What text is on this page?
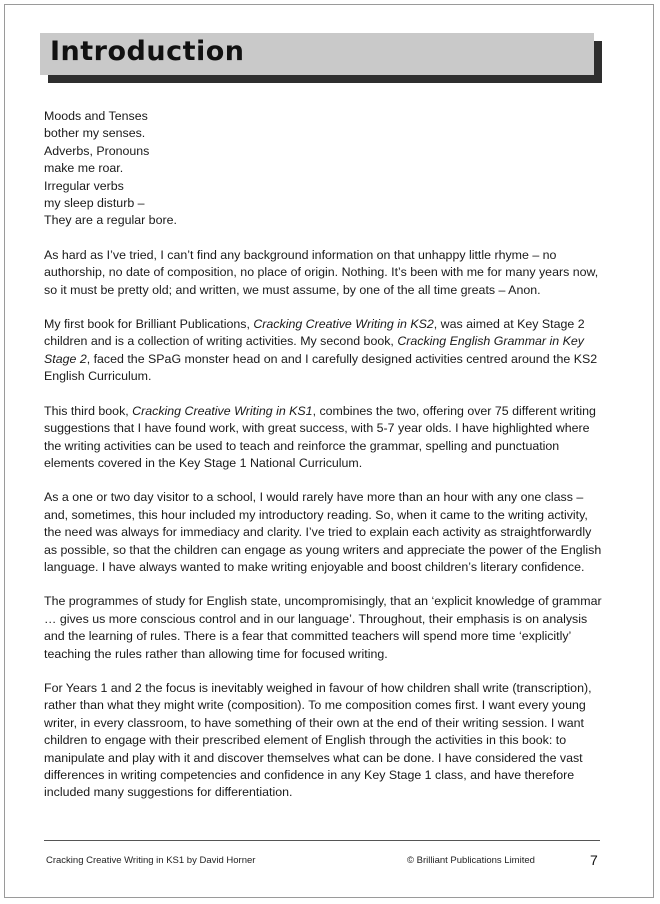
Introduction
Moods and Tenses
bother my senses.
Adverbs, Pronouns
make me roar.
Irregular verbs
my sleep disturb –
They are a regular bore.

As hard as I’ve tried, I can’t find any background information on that unhappy little rhyme – no authorship, no date of composition, no place of origin. Nothing. It’s been with me for many years now, so it must be pretty old; and written, we must assume, by one of the all time greats – Anon.

My first book for Brilliant Publications, Cracking Creative Writing in KS2, was aimed at Key Stage 2 children and is a collection of writing activities. My second book, Cracking English Grammar in Key Stage 2, faced the SPaG monster head on and I carefully designed activities centred around the KS2 English Curriculum.

This third book, Cracking Creative Writing in KS1, combines the two, offering over 75 different writing suggestions that I have found work, with great success, with 5-7 year olds. I have highlighted where the writing activities can be used to teach and reinforce the grammar, spelling and punctuation elements covered in the Key Stage 1 National Curriculum.

As a one or two day visitor to a school, I would rarely have more than an hour with any one class – and, sometimes, this hour included my introductory reading. So, when it came to the writing activity, the need was always for immediacy and clarity. I’ve tried to explain each activity as straightforwardly as possible, so that the children can engage as young writers and appreciate the power of the English language. I have always wanted to make writing enjoyable and boost children’s literary confidence.

The programmes of study for English state, uncompromisingly, that an ‘explicit knowledge of grammar … gives us more conscious control and in our language’. Throughout, their emphasis is on analysis and the learning of rules. There is a fear that committed teachers will spend more time ‘explicitly’ teaching the rules rather than allowing time for focused writing.

For Years 1 and 2 the focus is inevitably weighed in favour of how children shall write (transcription), rather than what they might write (composition). To me composition comes first. I want every young writer, in every classroom, to have something of their own at the end of their writing session. I want children to engage with their prescribed element of English through the activities in this book: to manipulate and play with it and discover themselves what can be done. I have considered the vast differences in writing competencies and confidence in any Key Stage 1 class, and have therefore included many suggestions for differentiation.

Cracking Creative Writing in KS1 by David Horner	© Brilliant Publications Limited	7
